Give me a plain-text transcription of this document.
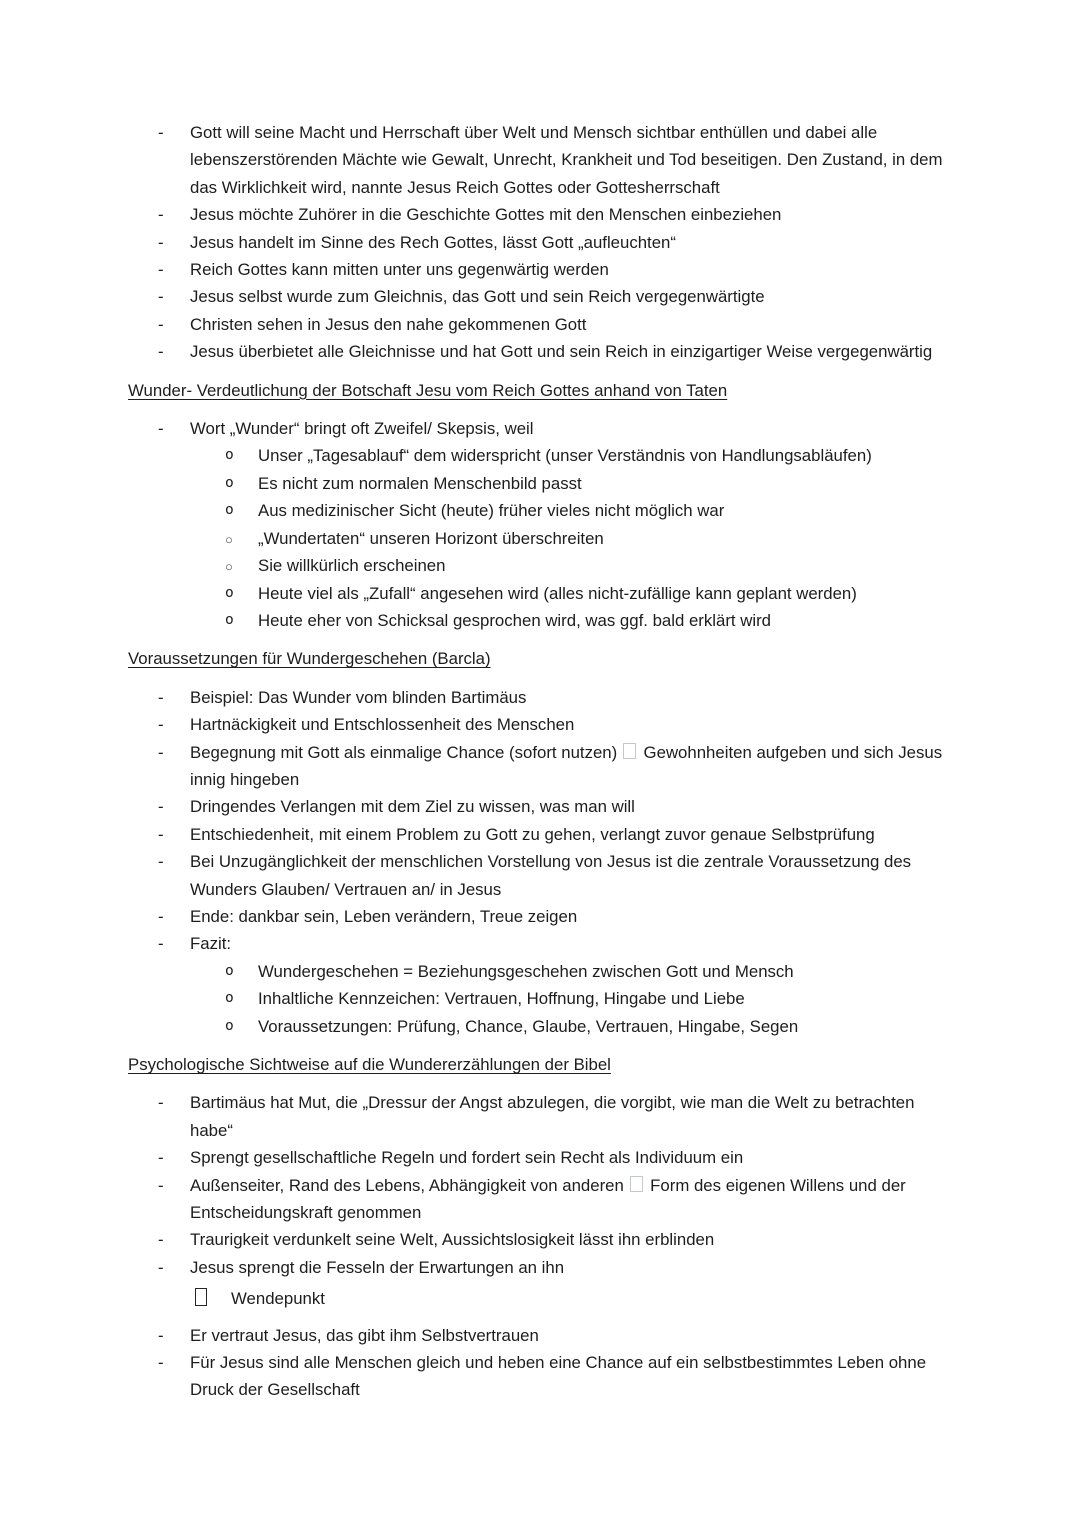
-	Gott will seine Macht und Herrschaft über Welt und Mensch sichtbar enthüllen und dabei alle lebenszerstörenden Mächte wie Gewalt, Unrecht, Krankheit und Tod beseitigen. Den Zustand, in dem das Wirklichkeit wird, nannte Jesus Reich Gottes oder Gottesherrschaft
-	Jesus möchte Zuhörer in die Geschichte Gottes mit den Menschen einbeziehen
-	Jesus handelt im Sinne des Rech Gottes, lässt Gott „aufleuchten“
-	Reich Gottes kann mitten unter uns gegenwärtig werden
-	Jesus selbst wurde zum Gleichnis, das Gott und sein Reich vergegenwärtigte
-	Christen sehen in Jesus den nahe gekommenen Gott
-	Jesus überbietet alle Gleichnisse und hat Gott und sein Reich in einzigartiger Weise vergegenwärtig
Wunder- Verdeutlichung der Botschaft Jesu vom Reich Gottes anhand von Taten
-	Wort „Wunder“ bringt oft Zweifel/ Skepsis, weil
o	Unser „Tagesablauf“ dem widerspricht (unser Verständnis von Handlungsabläufen)
o	Es nicht zum normalen Menschenbild passt
o	Aus medizinischer Sicht (heute) früher vieles nicht möglich war
○	„Wundertaten“ unseren Horizont überschreiten
○	Sie willkürlich erscheinen
o	Heute viel als „Zufall“ angesehen wird (alles nicht-zufällige kann geplant werden)
o	Heute eher von Schicksal gesprochen wird, was ggf. bald erklärt wird
Voraussetzungen für Wundergeschehen (Barcla)
-	Beispiel: Das Wunder vom blinden Bartimäus
-	Hartnäckigkeit und Entschlossenheit des Menschen
-	Begegnung mit Gott als einmalige Chance (sofort nutzen)  Gewohnheiten aufgeben und sich Jesus innig hingeben
-	Dringendes Verlangen mit dem Ziel zu wissen, was man will
-	Entschiedenheit, mit einem Problem zu Gott zu gehen, verlangt zuvor genaue Selbstprüfung
-	Bei Unzugänglichkeit der menschlichen Vorstellung von Jesus ist die zentrale Voraussetzung des Wunders Glauben/ Vertrauen an/ in Jesus
-	Ende: dankbar sein, Leben verändern, Treue zeigen
-	Fazit:
o	Wundergeschehen = Beziehungsgeschehen zwischen Gott und Mensch
o	Inhaltliche Kennzeichen: Vertrauen, Hoffnung, Hingabe und Liebe
o	Voraussetzungen: Prüfung, Chance, Glaube, Vertrauen, Hingabe, Segen
Psychologische Sichtweise auf die Wundererzählungen der Bibel
-	Bartimäus hat Mut, die „Dressur der Angst abzulegen, die vorgibt, wie man die Welt zu betrachten habe“
-	Sprengt gesellschaftliche Regeln und fordert sein Recht als Individuum ein
-	Außenseiter, Rand des Lebens, Abhängigkeit von anderen  Form des eigenen Willens und der Entscheidungskraft genommen
-	Traurigkeit verdunkelt seine Welt, Aussichtslosigkeit lässt ihn erblinden
-	Jesus sprengt die Fesseln der Erwartungen an ihn
Wendepunkt
-	Er vertraut Jesus, das gibt ihm Selbstvertrauen
-	Für Jesus sind alle Menschen gleich und heben eine Chance auf ein selbstbestimmtes Leben ohne Druck der Gesellschaft
